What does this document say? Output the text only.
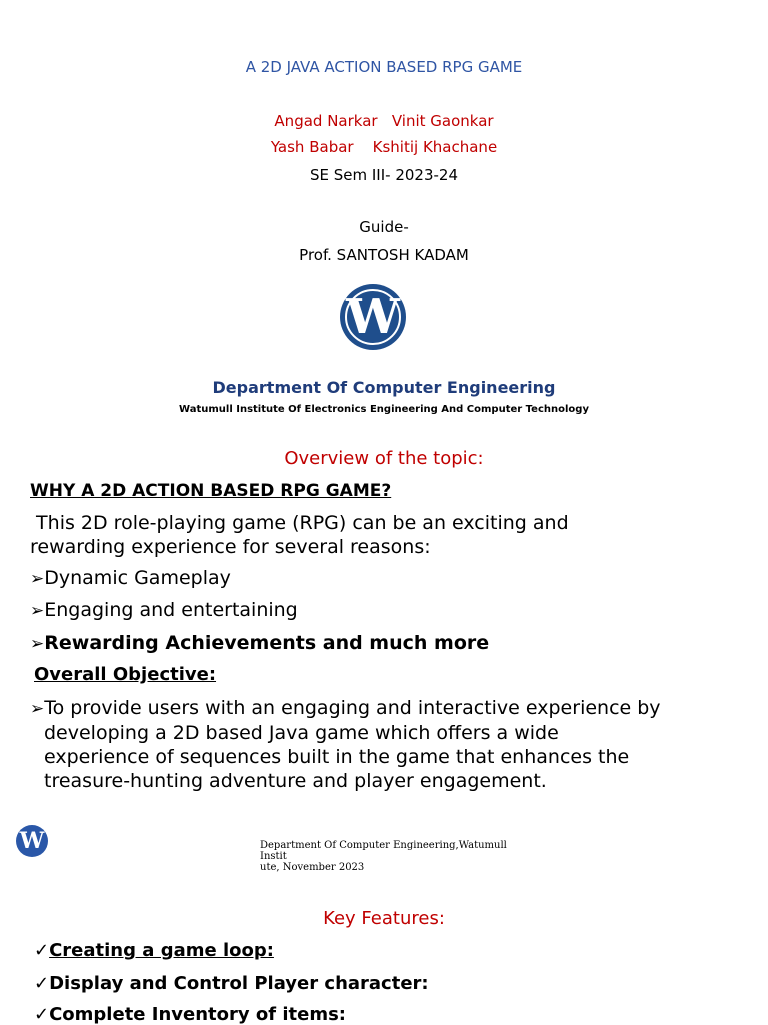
A 2D JAVA ACTION BASED RPG GAME
Angad Narkar   Vinit Gaonkar
Yash Babar    Kshitij Khachane
SE Sem III- 2023-24
Guide-
Prof. SANTOSH KADAM
W
Department Of Computer Engineering
Watumull Institute Of Electronics Engineering And Computer Technology
Overview of the topic:
WHY A 2D ACTION BASED RPG GAME?
This 2D role-playing game (RPG) can be an exciting and rewarding experience for several reasons:
➢Dynamic Gameplay
➢Engaging and entertaining
➢Rewarding Achievements and much more
Overall Objective:
➢To provide users with an engaging and interactive experience by
developing a 2D based Java game which offers a wide experience of sequences built in the game that enhances the treasure-hunting adventure and player engagement.
W	Department Of Computer Engineering,Watumull Instit
ute, November 2023
Key Features:
✓Creating a game loop:
✓Display and Control Player character:
✓Complete Inventory of items:
